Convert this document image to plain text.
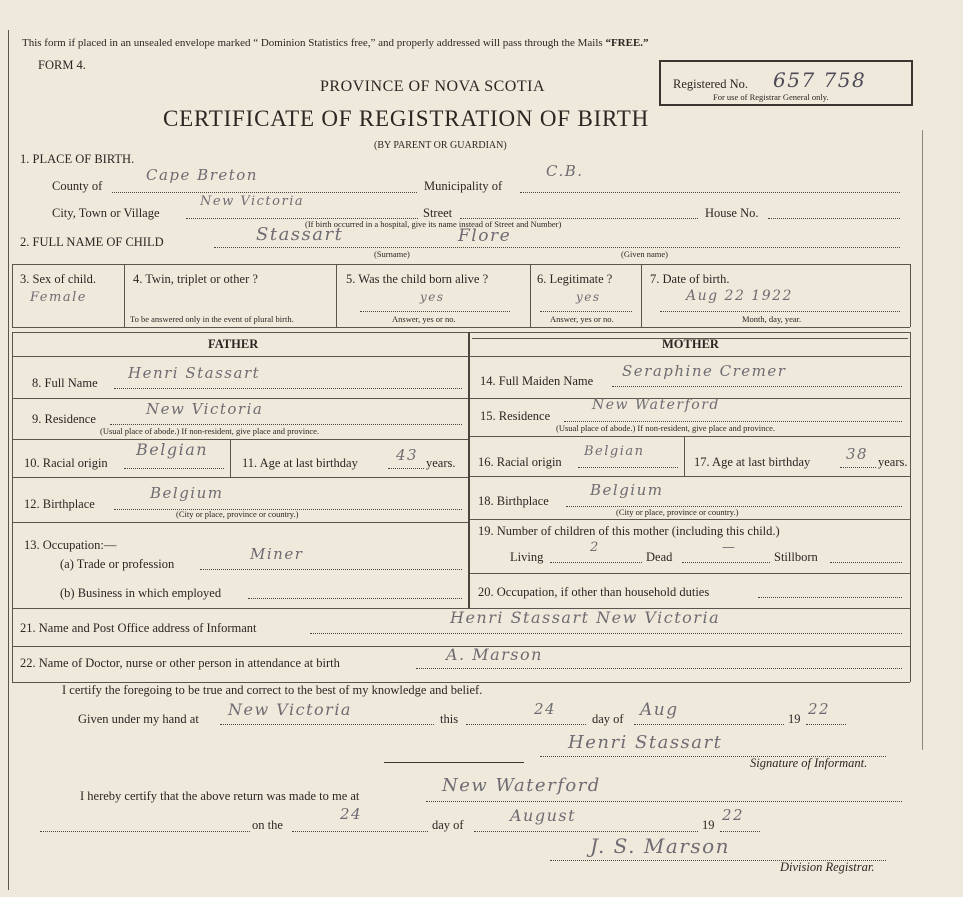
This form if placed in an unsealed envelope marked “ Dominion Statistics free,” and properly addressed will pass through the Mails “FREE.”
FORM 4.
PROVINCE OF NOVA SCOTIA
CERTIFICATE OF REGISTRATION OF BIRTH
(BY PARENT OR GUARDIAN)
Registered No. 657 758
For use of Registrar General only.
1. PLACE OF BIRTH.
County of
Cape Breton
Municipality of
C.B.
City, Town or Village
New Victoria
Street	House No.
(If birth occurred in a hospital, give its name instead of Street and Number)
2. FULL NAME OF CHILD	Stassart	Flore
(Surname)	(Given name)
3. Sex of child.
Female
4. Twin, triplet or other ?
To be answered only in the event of plural birth.
5. Was the child born alive ?
yes
Answer, yes or no.
6. Legitimate ?
yes
Answer, yes or no.
7. Date of birth.
Aug 22 1922
Month, day, year.
FATHER	MOTHER
8. Full Name
Henri Stassart
9. Residence
New Victoria
(Usual place of abode.) If non-resident, give place and province.
10. Racial origin
Belgian
11. Age at last birthday	43 years.
12. Birthplace
Belgium
(City or place, province or country.)
13. Occupation:—
(a) Trade or profession
Miner
(b) Business in which employed
14. Full Maiden Name
Seraphine Cremer
15. Residence
New Waterford
(Usual place of abode.) If non-resident, give place and province.
16. Racial origin
Belgian
17. Age at last birthday 38 years.
18. Birthplace
Belgium
(City or place, province or country.)
19. Number of children of this mother (including this child.)
Living
2
Dead
—
Stillborn
20. Occupation, if other than household duties
21. Name and Post Office address of Informant
Henri Stassart New Victoria
22. Name of Doctor, nurse or other person in attendance at birth	A. Marson
I certify the foregoing to be true and correct to the best of my knowledge and belief.
Given under my hand at New Victoria	this
24
day of Aug	19
22
Henri Stassart
Signature of Informant.
I hereby certify that the above return was made to me at	New Waterford
on the
24
day of	August	19
22
J. S. Marson
Division Registrar.
